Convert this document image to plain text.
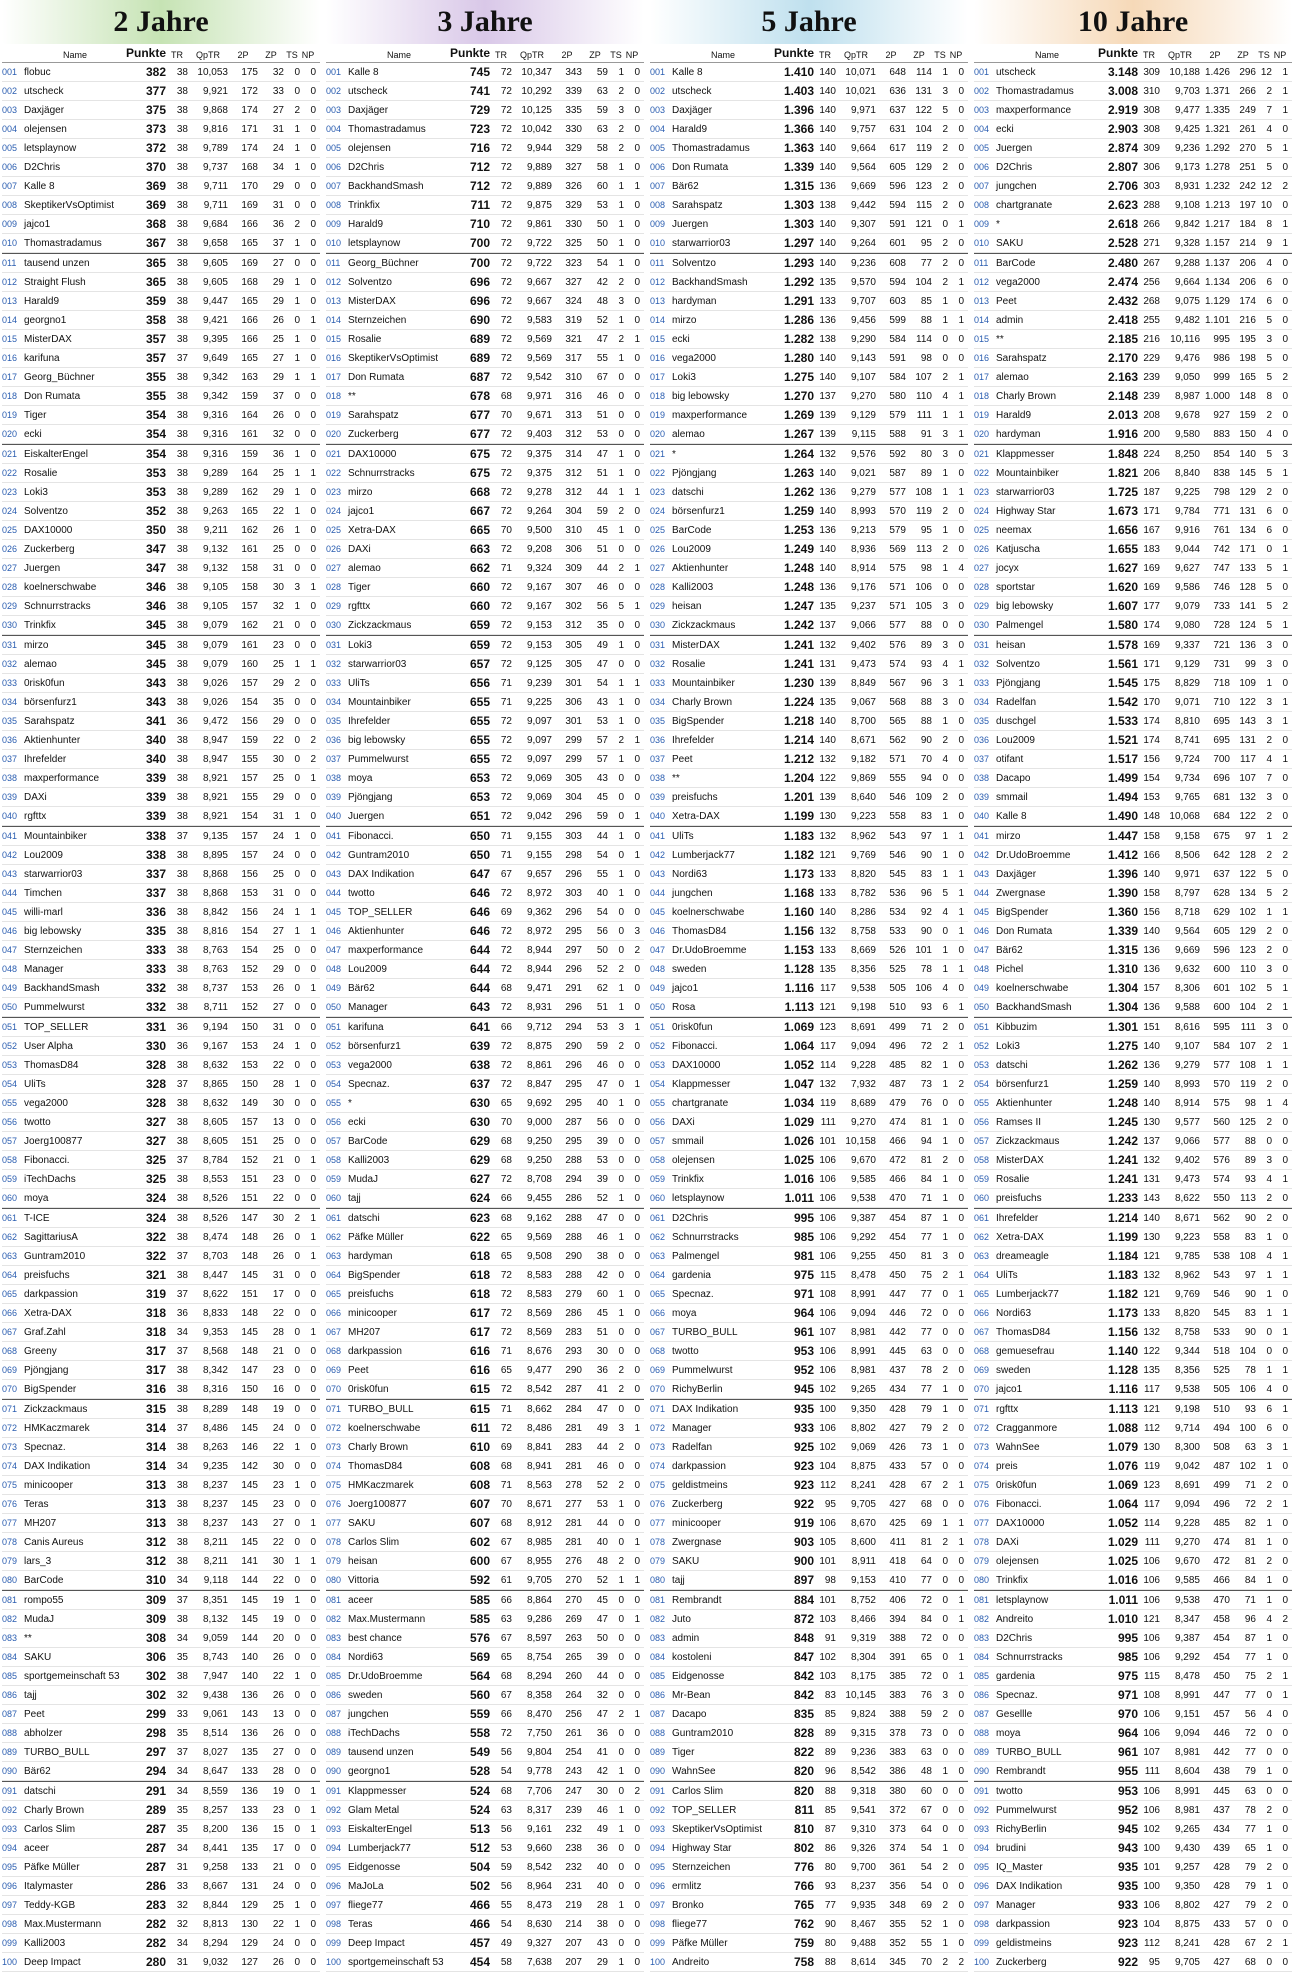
2 Jahre
Name	Punkte TR	QpTR	2P	ZP	TS NP
001 flobuc	382	38 10,053	175	32	0	0
002 utscheck	377	38	9,921	172	33	0	0
003 Daxjäger	375	38	9,868	174	27	2	0
004 olejensen	373	38	9,816	171	31	1	0
005 letsplaynow	372	38	9,789	174	24	1	0
006 D2Chris	370	38	9,737	168	34	1	0
007 Kalle 8	369	38	9,711	170	29	0	0
008 SkeptikerVsOptimist	369	38	9,711	169	31	0	0
009 jajco1	368	38	9,684	166	36	2	0
010 Thomastradamus	367	38	9,658	165	37	1	0
011 tausend unzen	365	38	9,605	169	27	0	0
012 Straight Flush	365	38	9,605	168	29	1	0
013 Harald9	359	38	9,447	165	29	1	0
014 georgno1	358	38	9,421	166	26	0	1
015 MisterDAX	357	38	9,395	166	25	1	0
016 karifuna	357	37	9,649	165	27	1	0
017 Georg_Büchner	355	38	9,342	163	29	1	1
018 Don Rumata	355	38	9,342	159	37	0	0
019 Tiger	354	38	9,316	164	26	0	0
020 ecki	354	38	9,316	161	32	0	0
021 EiskalterEngel	354	38	9,316	159	36	1	0
022 Rosalie	353	38	9,289	164	25	1	1
023 Loki3	353	38	9,289	162	29	1	0
024 Solventzo	352	38	9,263	165	22	1	0
025 DAX10000	350	38	9,211	162	26	1	0
026 Zuckerberg	347	38	9,132	161	25	0	0
027 Juergen	347	38	9,132	158	31	0	0
028 koelnerschwabe	346	38	9,105	158	30	3	1
029 Schnurrstracks	346	38	9,105	157	32	1	0
030 Trinkfix	345	38	9,079	162	21	0	0
031 mirzo	345	38	9,079	161	23	0	0
032 alemao	345	38	9,079	160	25	1	1
033 0risk0fun	343	38	9,026	157	29	2	0
034 börsenfurz1	343	38	9,026	154	35	0	0
035 Sarahspatz	341	36	9,472	156	29	0	0
036 Aktienhunter	340	38	8,947	159	22	0	2
037 Ihrefelder	340	38	8,947	155	30	0	2
038 maxperformance	339	38	8,921	157	25	0	1
039 DAXi	339	38	8,921	155	29	0	0
040 rgfttx	339	38	8,921	154	31	1	0
041 Mountainbiker	338	37	9,135	157	24	1	0
042 Lou2009	338	38	8,895	157	24	0	0
043 starwarrior03	337	38	8,868	156	25	0	0
044 Timchen	337	38	8,868	153	31	0	0
045 willi-marl	336	38	8,842	156	24	1	1
046 big lebowsky	335	38	8,816	154	27	1	1
047 Sternzeichen	333	38	8,763	154	25	0	0
048 Manager	333	38	8,763	152	29	0	0
049 BackhandSmash	332	38	8,737	153	26	0	1
050 Pummelwurst	332	38	8,711	152	27	0	0
051 TOP_SELLER	331	36	9,194	150	31	0	0
052 User Alpha	330	36	9,167	153	24	1	0
053 ThomasD84	328	38	8,632	153	22	0	0
054 UliTs	328	37	8,865	150	28	1	0
055 vega2000	328	38	8,632	149	30	0	0
056 twotto	327	38	8,605	157	13	0	0
057 Joerg100877	327	38	8,605	151	25	0	0
058 Fibonacci.	325	37	8,784	152	21	0	1
059 iTechDachs	325	38	8,553	151	23	0	0
060 moya	324	38	8,526	151	22	0	0
061 T-ICE	324	38	8,526	147	30	2	1
062 SagittariusA	322	38	8,474	148	26	0	1
063 Guntram2010	322	37	8,703	148	26	0	1
064 preisfuchs	321	38	8,447	145	31	0	0
065 darkpassion	319	37	8,622	151	17	0	0
066 Xetra-DAX	318	36	8,833	148	22	0	0
067 Graf.Zahl	318	34	9,353	145	28	0	1
068 Greeny	317	37	8,568	148	21	0	0
069 Pjöngjang	317	38	8,342	147	23	0	0
070 BigSpender	316	38	8,316	150	16	0	0
071 Zickzackmaus	315	38	8,289	148	19	0	0
072 HMKaczmarek	314	37	8,486	145	24	0	0
073 Specnaz.	314	38	8,263	146	22	1	0
074 DAX Indikation	314	34	9,235	142	30	0	0
075 minicooper	313	38	8,237	145	23	1	0
076 Teras	313	38	8,237	145	23	0	0
077 MH207	313	38	8,237	143	27	0	1
078 Canis Aureus	312	38	8,211	145	22	0	0
079 lars_3	312	38	8,211	141	30	1	1
080 BarCode	310	34	9,118	144	22	0	0
081 rompo55	309	37	8,351	145	19	1	0
082 MudaJ	309	38	8,132	145	19	0	0
083 **	308	34	9,059	144	20	0	0
084 SAKU	306	35	8,743	140	26	0	0
085 sportgemeinschaft 53	302	38	7,947	140	22	1	0
086 tajj	302	32	9,438	136	26	0	0
087 Peet	299	33	9,061	143	13	0	0
088 abholzer	298	35	8,514	136	26	0	0
089 TURBO_BULL	297	37	8,027	135	27	0	0
090 Bär62	294	34	8,647	133	28	0	0
091 datschi	291	34	8,559	136	19	0	1
092 Charly Brown	289	35	8,257	133	23	0	1
093 Carlos Slim	287	35	8,200	136	15	0	1
094 aceer	287	34	8,441	135	17	0	0
095 Päfke Müller	287	31	9,258	133	21	0	0
096 Italymaster	286	33	8,667	131	24	0	0
097 Teddy-KGB	283	32	8,844	129	25	1	0
098 Max.Mustermann	282	32	8,813	130	22	1	0
099 Kalli2003	282	34	8,294	129	24	0	0
100 Deep Impact	280	31	9,032	127	26	0	0
3 Jahre
Name	Punkte TR	QpTR	2P	ZP	TS NP
001 Kalle 8	745	72 10,347	343	59	1	0
002 utscheck	741	72 10,292	339	63	2	0
003 Daxjäger	729	72 10,125	335	59	3	0
004 Thomastradamus	723	72 10,042	330	63	2	0
005 olejensen	716	72	9,944	329	58	2	0
006 D2Chris	712	72	9,889	327	58	1	0
007 BackhandSmash	712	72	9,889	326	60	1	1
008 Trinkfix	711	72	9,875	329	53	1	0
009 Harald9	710	72	9,861	330	50	1	0
010 letsplaynow	700	72	9,722	325	50	1	0
011 Georg_Büchner	700	72	9,722	323	54	1	0
012 Solventzo	696	72	9,667	327	42	2	0
013 MisterDAX	696	72	9,667	324	48	3	0
014 Sternzeichen	690	72	9,583	319	52	1	0
015 Rosalie	689	72	9,569	321	47	2	1
016 SkeptikerVsOptimist	689	72	9,569	317	55	1	0
017 Don Rumata	687	72	9,542	310	67	0	0
018 **	678	68	9,971	316	46	0	0
019 Sarahspatz	677	70	9,671	313	51	0	0
020 Zuckerberg	677	72	9,403	312	53	0	0
021 DAX10000	675	72	9,375	314	47	1	0
022 Schnurrstracks	675	72	9,375	312	51	1	0
023 mirzo	668	72	9,278	312	44	1	1
024 jajco1	667	72	9,264	304	59	2	0
025 Xetra-DAX	665	70	9,500	310	45	1	0
026 DAXi	663	72	9,208	306	51	0	0
027 alemao	662	71	9,324	309	44	2	1
028 Tiger	660	72	9,167	307	46	0	0
029 rgfttx	660	72	9,167	302	56	5	1
030 Zickzackmaus	659	72	9,153	312	35	0	0
031 Loki3	659	72	9,153	305	49	1	0
032 starwarrior03	657	72	9,125	305	47	0	0
033 UliTs	656	71	9,239	301	54	1	1
034 Mountainbiker	655	71	9,225	306	43	1	0
035 Ihrefelder	655	72	9,097	301	53	1	0
036 big lebowsky	655	72	9,097	299	57	2	1
037 Pummelwurst	655	72	9,097	299	57	1	0
038 moya	653	72	9,069	305	43	0	0
039 Pjöngjang	653	72	9,069	304	45	0	0
040 Juergen	651	72	9,042	296	59	0	1
041 Fibonacci.	650	71	9,155	303	44	1	0
042 Guntram2010	650	71	9,155	298	54	0	1
043 DAX Indikation	647	67	9,657	296	55	1	0
044 twotto	646	72	8,972	303	40	1	0
045 TOP_SELLER	646	69	9,362	296	54	0	0
046 Aktienhunter	646	72	8,972	295	56	0	3
047 maxperformance	644	72	8,944	297	50	0	2
048 Lou2009	644	72	8,944	296	52	2	0
049 Bär62	644	68	9,471	291	62	1	0
050 Manager	643	72	8,931	296	51	1	0
051 karifuna	641	66	9,712	294	53	3	1
052 börsenfurz1	639	72	8,875	290	59	2	0
053 vega2000	638	72	8,861	296	46	0	0
054 Specnaz.	637	72	8,847	295	47	0	1
055 *	630	65	9,692	295	40	1	0
056 ecki	630	70	9,000	287	56	0	0
057 BarCode	629	68	9,250	295	39	0	0
058 Kalli2003	629	68	9,250	288	53	0	0
059 MudaJ	627	72	8,708	294	39	0	0
060 tajj	624	66	9,455	286	52	1	0
061 datschi	623	68	9,162	288	47	0	0
062 Päfke Müller	622	65	9,569	288	46	1	0
063 hardyman	618	65	9,508	290	38	0	0
064 BigSpender	618	72	8,583	288	42	0	0
065 preisfuchs	618	72	8,583	279	60	1	0
066 minicooper	617	72	8,569	286	45	1	0
067 MH207	617	72	8,569	283	51	0	0
068 darkpassion	616	71	8,676	293	30	0	0
069 Peet	616	65	9,477	290	36	2	0
070 0risk0fun	615	72	8,542	287	41	2	0
071 TURBO_BULL	615	71	8,662	284	47	0	0
072 koelnerschwabe	611	72	8,486	281	49	3	1
073 Charly Brown	610	69	8,841	283	44	2	0
074 ThomasD84	608	68	8,941	281	46	0	0
075 HMKaczmarek	608	71	8,563	278	52	2	0
076 Joerg100877	607	70	8,671	277	53	1	0
077 SAKU	607	68	8,912	281	44	0	0
078 Carlos Slim	602	67	8,985	281	40	0	1
079 heisan	600	67	8,955	276	48	2	0
080 Vittoria	592	61	9,705	270	52	1	1
081 aceer	585	66	8,864	270	45	0	0
082 Max.Mustermann	585	63	9,286	269	47	0	1
083 best chance	576	67	8,597	263	50	0	0
084 Nordi63	569	65	8,754	265	39	0	0
085 Dr.UdoBroemme	564	68	8,294	260	44	0	0
086 sweden	560	67	8,358	264	32	0	0
087 jungchen	559	66	8,470	256	47	2	1
088 iTechDachs	558	72	7,750	261	36	0	0
089 tausend unzen	549	56	9,804	254	41	0	0
090 georgno1	528	54	9,778	243	42	1	0
091 Klappmesser	524	68	7,706	247	30	0	2
092 Glam Metal	524	63	8,317	239	46	1	0
093 EiskalterEngel	513	56	9,161	232	49	1	0
094 Lumberjack77	512	53	9,660	238	36	0	0
095 Eidgenosse	504	59	8,542	232	40	0	0
096 MaJoLa	502	56	8,964	231	40	0	0
097 fliege77	466	55	8,473	219	28	1	0
098 Teras	466	54	8,630	214	38	0	0
099 Deep Impact	457	49	9,327	207	43	0	0
100 sportgemeinschaft 53	454	58	7,638	207	29	1	0
5 Jahre
Name	Punkte TR	QpTR	2P	ZP	TS NP
001 Kalle 8	1.410 140 10,071	648	114	1	0
002 utscheck	1.403 140 10,021	636 131	3	0
003 Daxjäger	1.396 140	9,971	637 122	5	0
004 Harald9	1.366 140	9,757	631 104	2	0
005 Thomastradamus	1.363 140	9,664	617	119	2	0
006 Don Rumata	1.339 140	9,564	605 129	2	0
007 Bär62	1.315 136	9,669	596 123	2	0
008 Sarahspatz	1.303 138	9,442	594	115	2	0
009 Juergen	1.303 140	9,307	591 121	0	1
010 starwarrior03	1.297 140	9,264	601	95	2	0
011 Solventzo	1.293 140	9,236	608	77	2	0
012 BackhandSmash	1.292 135	9,570	594 104	2	1
013 hardyman	1.291 133	9,707	603	85	1	0
014 mirzo	1.286 136	9,456	599	88	1	1
015 ecki	1.282 138	9,290	584	114	0	0
016 vega2000	1.280 140	9,143	591	98	0	0
017 Loki3	1.275 140	9,107	584 107	2	1
018 big lebowsky	1.270 137	9,270	580	110	4	1
019 maxperformance	1.269 139	9,129	579	111	1	1
020 alemao	1.267 139	9,115	588	91	3	1
021 *	1.264 132	9,576	592	80	3	0
022 Pjöngjang	1.263 140	9,021	587	89	1	0
023 datschi	1.262 136	9,279	577 108	1	1
024 börsenfurz1	1.259 140	8,993	570	119	2	0
025 BarCode	1.253 136	9,213	579	95	1	0
026 Lou2009	1.249 140	8,936	569	113	2	0
027 Aktienhunter	1.248 140	8,914	575	98	1	4
028 Kalli2003	1.248 136	9,176	571 106	0	0
029 heisan	1.247 135	9,237	571 105	3	0
030 Zickzackmaus	1.242 137	9,066	577	88	0	0
031 MisterDAX	1.241 132	9,402	576	89	3	0
032 Rosalie	1.241 131	9,473	574	93	4	1
033 Mountainbiker	1.230 139	8,849	567	96	3	1
034 Charly Brown	1.224 135	9,067	568	88	3	0
035 BigSpender	1.218 140	8,700	565	88	1	0
036 Ihrefelder	1.214 140	8,671	562	90	2	0
037 Peet	1.212 132	9,182	571	70	4	0
038 **	1.204 122	9,869	555	94	0	0
039 preisfuchs	1.201 139	8,640	546 109	2	0
040 Xetra-DAX	1.199 130	9,223	558	83	1	0
041 UliTs	1.183 132	8,962	543	97	1	1
042 Lumberjack77	1.182 121	9,769	546	90	1	0
043 Nordi63	1.173 133	8,820	545	83	1	1
044 jungchen	1.168 133	8,782	536	96	5	1
045 koelnerschwabe	1.160 140	8,286	534	92	4	1
046 ThomasD84	1.156 132	8,758	533	90	0	1
047 Dr.UdoBroemme	1.153 133	8,669	526 101	1	0
048 sweden	1.128 135	8,356	525	78	1	1
049 jajco1	1.116 117	9,538	505 106	4	0
050 Rosa	1.113 121	9,198	510	93	6	1
051 0risk0fun	1.069 123	8,691	499	71	2	0
052 Fibonacci.	1.064 117	9,094	496	72	2	1
053 DAX10000	1.052 114	9,228	485	82	1	0
054 Klappmesser	1.047 132	7,932	487	73	1	2
055 chartgranate	1.034 119	8,689	479	76	0	0
056 DAXi	1.029 111	9,270	474	81	1	0
057 smmail	1.026 101 10,158	466	94	1	0
058 olejensen	1.025 106	9,670	472	81	2	0
059 Trinkfix	1.016 106	9,585	466	84	1	0
060 letsplaynow	1.011 106	9,538	470	71	1	0
061 D2Chris	995 106	9,387	454	87	1	0
062 Schnurrstracks	985 106	9,292	454	77	1	0
063 Palmengel	981 106	9,255	450	81	3	0
064 gardenia	975 115	8,478	450	75	2	1
065 Specnaz.	971 108	8,991	447	77	0	1
066 moya	964 106	9,094	446	72	0	0
067 TURBO_BULL	961 107	8,981	442	77	0	0
068 twotto	953 106	8,991	445	63	0	0
069 Pummelwurst	952 106	8,981	437	78	2	0
070 RichyBerlin	945 102	9,265	434	77	1	0
071 DAX Indikation	935 100	9,350	428	79	1	0
072 Manager	933 106	8,802	427	79	2	0
073 Radelfan	925 102	9,069	426	73	1	0
074 darkpassion	923 104	8,875	433	57	0	0
075 geldistmeins	923 112	8,241	428	67	2	1
076 Zuckerberg	922	95	9,705	427	68	0	0
077 minicooper	919 106	8,670	425	69	1	1
078 Zwergnase	903 105	8,600	411	81	2	1
079 SAKU	900 101	8,911	418	64	0	0
080 tajj	897	98	9,153	410	77	0	0
081 Rembrandt	884 101	8,752	406	72	0	1
082 Juto	872 103	8,466	394	84	0	1
083 admin	848	91	9,319	388	72	0	0
084 kostoleni	847 102	8,304	391	65	0	1
085 Eidgenosse	842 103	8,175	385	72	0	1
086 Mr-Bean	842	83 10,145	383	76	3	0
087 Dacapo	835	85	9,824	388	59	2	0
088 Guntram2010	828	89	9,315	378	73	0	0
089 Tiger	822	89	9,236	383	63	0	0
090 WahnSee	820	96	8,542	386	48	1	0
091 Carlos Slim	820	88	9,318	380	60	0	0
092 TOP_SELLER	811	85	9,541	372	67	0	0
093 SkeptikerVsOptimist	810	87	9,310	373	64	0	0
094 Highway Star	802	86	9,326	374	54	1	0
095 Sternzeichen	776	80	9,700	361	54	2	0
096 ermlitz	766	93	8,237	356	54	0	0
097 Bronko	765	77	9,935	348	69	2	0
098 fliege77	762	90	8,467	355	52	1	0
099 Päfke Müller	759	80	9,488	352	55	1	0
100 Andreito	758	88	8,614	345	70	2	2
10 Jahre
Name	Punkte TR	QpTR	2P	ZP	TS NP
001 utscheck	3.148 309 10,188 1.426 296 12	1
002 Thomastradamus	3.008 310	9,703 1.371 266	2	1
003 maxperformance	2.919 308	9,477 1.335 249	7	1
004 ecki	2.903 308	9,425 1.321 261	4	0
005 Juergen	2.874 309	9,236 1.292 270	5	1
006 D2Chris	2.807 306	9,173 1.278 251	5	0
007 jungchen	2.706 303	8,931 1.232 242 12	2
008 chartgranate	2.623 288	9,108 1.213 197 10	0
009 *	2.618 266	9,842 1.217 184	8	1
010 SAKU	2.528 271	9,328 1.157 214	9	1
011 BarCode	2.480 267	9,288 1.137 206	4	0
012 vega2000	2.474 256	9,664 1.134 206	6	0
013 Peet	2.432 268	9,075 1.129 174	6	0
014 admin	2.418 255	9,482 1.101 216	5	0
015 **	2.185 216	10,116	995 195	3	0
016 Sarahspatz	2.170 229	9,476	986 198	5	0
017 alemao	2.163 239	9,050	999 165	5	2
018 Charly Brown	2.148 239	8,987 1.000 148	8	0
019 Harald9	2.013 208	9,678	927 159	2	0
020 hardyman	1.916 200	9,580	883 150	4	0
021 Klappmesser	1.848 224	8,250	854 140	5	3
022 Mountainbiker	1.821 206	8,840	838 145	5	1
023 starwarrior03	1.725 187	9,225	798 129	2	0
024 Highway Star	1.673 171	9,784	771 131	6	0
025 neemax	1.656 167	9,916	761 134	6	0
026 Katjuscha	1.655 183	9,044	742 171	0	1
027 jocyx	1.627 169	9,627	747 133	5	1
028 sportstar	1.620 169	9,586	746 128	5	0
029 big lebowsky	1.607 177	9,079	733 141	5	2
030 Palmengel	1.580 174	9,080	728 124	5	1
031 heisan	1.578 169	9,337	721 136	3	0
032 Solventzo	1.561 171	9,129	731	99	3	0
033 Pjöngjang	1.545 175	8,829	718 109	1	0
034 Radelfan	1.542 170	9,071	710 122	3	1
035 duschgel	1.533 174	8,810	695 143	3	1
036 Lou2009	1.521 174	8,741	695 131	2	0
037 otifant	1.517 156	9,724	700	117	4	1
038 Dacapo	1.499 154	9,734	696 107	7	0
039 smmail	1.494 153	9,765	681 132	3	0
040 Kalle 8	1.490 148 10,068	684 122	2	0
041 mirzo	1.447 158	9,158	675	97	1	2
042 Dr.UdoBroemme	1.412 166	8,506	642 128	2	2
043 Daxjäger	1.396 140	9,971	637 122	5	0
044 Zwergnase	1.390 158	8,797	628 134	5	2
045 BigSpender	1.360 156	8,718	629 102	1	1
046 Don Rumata	1.339 140	9,564	605 129	2	0
047 Bär62	1.315 136	9,669	596 123	2	0
048 Pichel	1.310 136	9,632	600	110	3	0
049 koelnerschwabe	1.304 157	8,306	601 102	5	1
050 BackhandSmash	1.304 136	9,588	600 104	2	1
051 Kibbuzim	1.301 151	8,616	595	111	3	0
052 Loki3	1.275 140	9,107	584 107	2	1
053 datschi	1.262 136	9,279	577 108	1	1
054 börsenfurz1	1.259 140	8,993	570	119	2	0
055 Aktienhunter	1.248 140	8,914	575	98	1	4
056 Ramses II	1.245 130	9,577	560 125	2	0
057 Zickzackmaus	1.242 137	9,066	577	88	0	0
058 MisterDAX	1.241 132	9,402	576	89	3	0
059 Rosalie	1.241 131	9,473	574	93	4	1
060 preisfuchs	1.233 143	8,622	550	113	2	0
061 Ihrefelder	1.214 140	8,671	562	90	2	0
062 Xetra-DAX	1.199 130	9,223	558	83	1	0
063 dreameagle	1.184 121	9,785	538 108	4	1
064 UliTs	1.183 132	8,962	543	97	1	1
065 Lumberjack77	1.182 121	9,769	546	90	1	0
066 Nordi63	1.173 133	8,820	545	83	1	1
067 ThomasD84	1.156 132	8,758	533	90	0	1
068 gemuesefrau	1.140 122	9,344	518 104	0	0
069 sweden	1.128 135	8,356	525	78	1	1
070 jajco1	1.116 117	9,538	505 106	4	0
071 rgfttx	1.113 121	9,198	510	93	6	1
072 Cragganmore	1.088 112	9,714	494 100	6	0
073 WahnSee	1.079 130	8,300	508	63	3	1
074 preis	1.076 119	9,042	487 102	1	0
075 0risk0fun	1.069 123	8,691	499	71	2	0
076 Fibonacci.	1.064 117	9,094	496	72	2	1
077 DAX10000	1.052 114	9,228	485	82	1	0
078 DAXi	1.029 111	9,270	474	81	1	0
079 olejensen	1.025 106	9,670	472	81	2	0
080 Trinkfix	1.016 106	9,585	466	84	1	0
081 letsplaynow	1.011 106	9,538	470	71	1	0
082 Andreito	1.010 121	8,347	458	96	4	2
083 D2Chris	995 106	9,387	454	87	1	0
084 Schnurrstracks	985 106	9,292	454	77	1	0
085 gardenia	975 115	8,478	450	75	2	1
086 Specnaz.	971 108	8,991	447	77	0	1
087 Gesellle	970 106	9,151	457	56	4	0
088 moya	964 106	9,094	446	72	0	0
089 TURBO_BULL	961 107	8,981	442	77	0	0
090 Rembrandt	955 111	8,604	438	79	1	0
091 twotto	953 106	8,991	445	63	0	0
092 Pummelwurst	952 106	8,981	437	78	2	0
093 RichyBerlin	945 102	9,265	434	77	1	0
094 brudini	943 100	9,430	439	65	1	0
095 IQ_Master	935 101	9,257	428	79	2	0
096 DAX Indikation	935 100	9,350	428	79	1	0
097 Manager	933 106	8,802	427	79	2	0
098 darkpassion	923 104	8,875	433	57	0	0
099 geldistmeins	923 112	8,241	428	67	2	1
100 Zuckerberg	922	95	9,705	427	68	0	0
